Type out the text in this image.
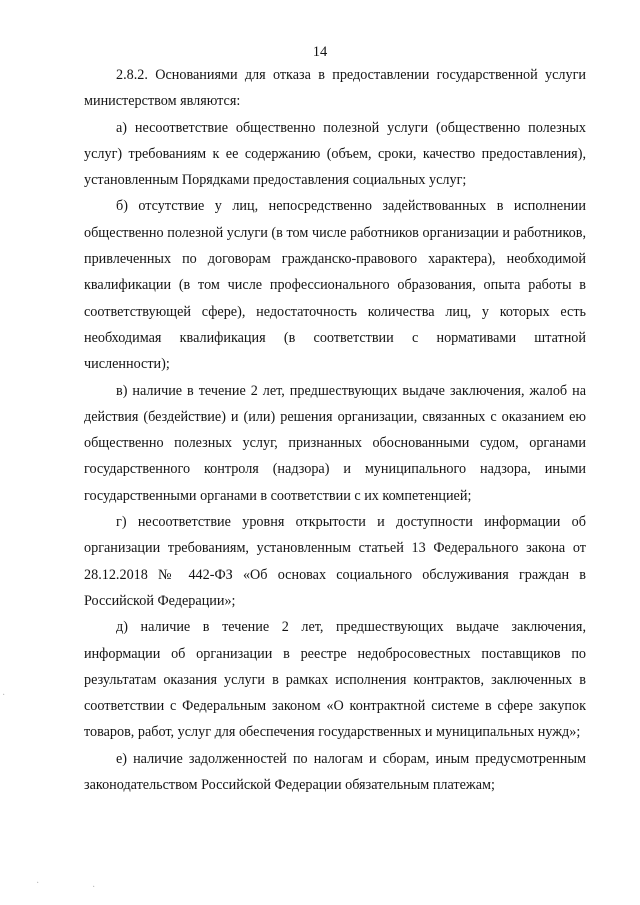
14

2.8.2. Основаниями для отказа в предоставлении государственной услуги министерством являются:

а) несоответствие общественно полезной услуги (общественно полезных услуг) требованиям к ее содержанию (объем, сроки, качество предоставления), установленным Порядками предоставления социальных услуг;

б) отсутствие у лиц, непосредственно задействованных в исполнении общественно полезной услуги (в том числе работников организации и работников, привлеченных по договорам гражданско-правового характера), необходимой квалификации (в том числе профессионального образования, опыта работы в соответствующей сфере), недостаточность количества лиц, у которых есть необходимая квалификация (в соответствии с нормативами штатной численности);

в) наличие в течение 2 лет, предшествующих выдаче заключения, жалоб на действия (бездействие) и (или) решения организации, связанных с оказанием ею общественно полезных услуг, признанных обоснованными судом, органами государственного контроля (надзора) и муниципального надзора, иными государственными органами в соответствии с их компетенцией;

г) несоответствие уровня открытости и доступности информации об организации требованиям, установленным статьей 13 Федерального закона от 28.12.2018 № 442-ФЗ «Об основах социального обслуживания граждан в Российской Федерации»;

д) наличие в течение 2 лет, предшествующих выдаче заключения, информации об организации в реестре недобросовестных поставщиков по результатам оказания услуги в рамках исполнения контрактов, заключенных в соответствии с Федеральным законом «О контрактной системе в сфере закупок товаров, работ, услуг для обеспечения государственных и муниципальных нужд»;

е) наличие задолженностей по налогам и сборам, иным предусмотренным законодательством Российской Федерации обязательным платежам;

·
·	·
